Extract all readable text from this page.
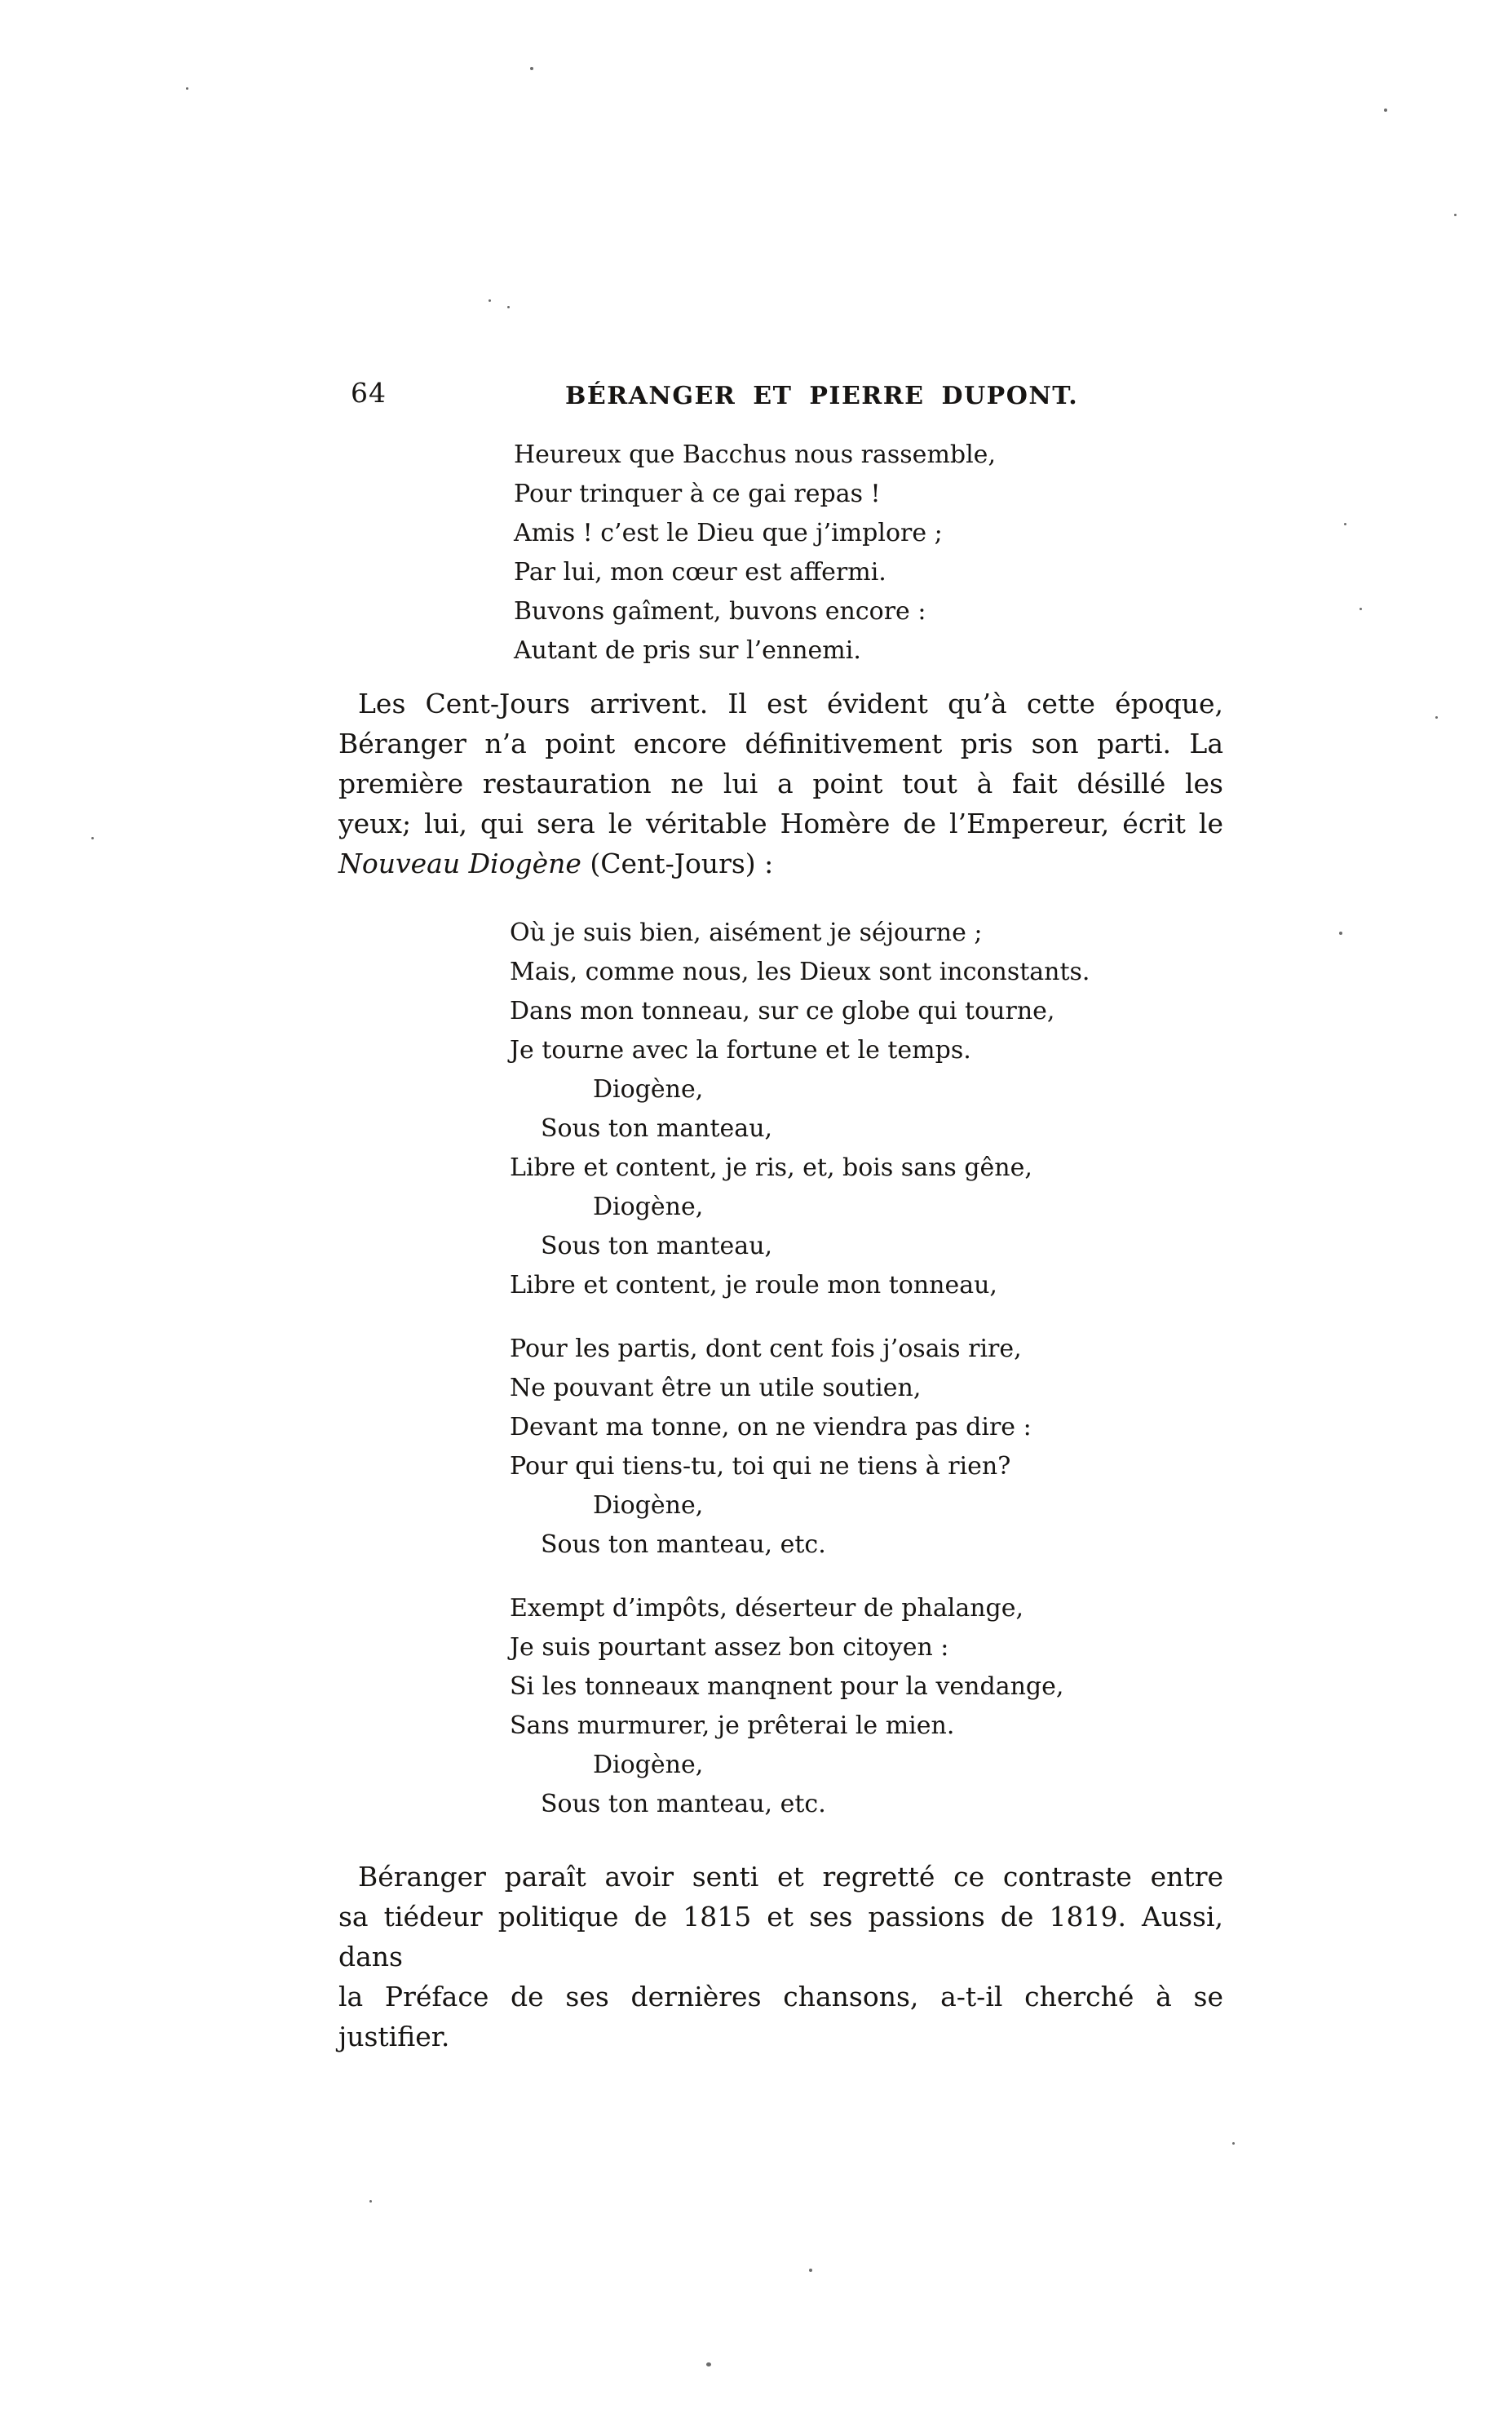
64	BÉRANGER ET PIERRE DUPONT.
Heureux que Bacchus nous rassemble,
Pour trinquer à ce gai repas !
Amis ! c’est le Dieu que j’implore ;
Par lui, mon cœur est affermi.
Buvons gaîment, buvons encore :
Autant de pris sur l’ennemi.
Les Cent-Jours arrivent. Il est évident qu’à cette époque,
Béranger n’a point encore définitivement pris son parti. La
première restauration ne lui a point tout à fait désillé les
yeux; lui, qui sera le véritable Homère de l’Empereur, écrit le
Nouveau Diogène (Cent-Jours) :
Où je suis bien, aisément je séjourne ;
Mais, comme nous, les Dieux sont inconstants.
Dans mon tonneau, sur ce globe qui tourne,
Je tourne avec la fortune et le temps.
Diogène,
Sous ton manteau,
Libre et content, je ris, et, bois sans gêne,
Diogène,
Sous ton manteau,
Libre et content, je roule mon tonneau,
Pour les partis, dont cent fois j’osais rire,
Ne pouvant être un utile soutien,
Devant ma tonne, on ne viendra pas dire :
Pour qui tiens-tu, toi qui ne tiens à rien?
Diogène,
Sous ton manteau, etc.
Exempt d’impôts, déserteur de phalange,
Je suis pourtant assez bon citoyen :
Si les tonneaux manqnent pour la vendange,
Sans murmurer, je prêterai le mien.
Diogène,
Sous ton manteau, etc.
Béranger paraît avoir senti et regretté ce contraste entre
sa tiédeur politique de 1815 et ses passions de 1819. Aussi, dans
la Préface de ses dernières chansons, a-t-il cherché à se justifier.
